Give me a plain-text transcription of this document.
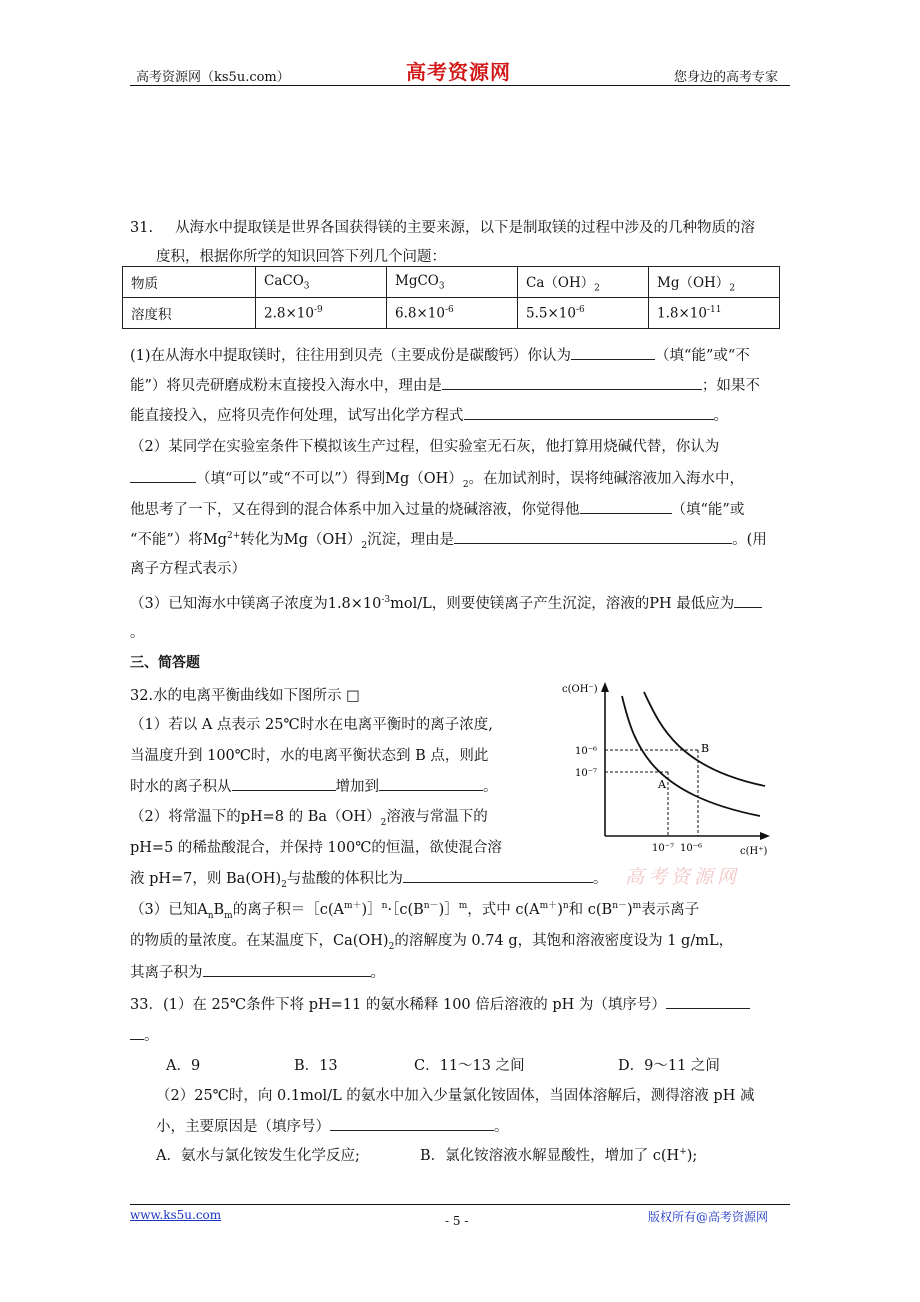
高考资源网（ks5u.com）	高考资源网	您身边的高考专家
31. 从海水中提取镁是世界各国获得镁的主要来源，以下是制取镁的过程中涉及的几种物质的溶
度积，根据你所学的知识回答下列几个问题：
物质	CaCO$_3$	MgCO$_3$	$Ca(OH)_2$	$Mg(OH)_2$
溶度积	$2.8\times 10^{-9}$	$6.8\times 10^{-6}$	$5.5\times 10^{-6}$	$1.8\times 10^{-11}$
(1)在从海水中提取镁时，往往用到贝壳（主要成份是碳酸钙）你认为	（填“能”或“不
能”）将贝壳研磨成粉末直接投入海水中，理由是	；如果不
能直接投入，应将贝壳作何处理，试写出化学方程式	。
（2）某同学在实验室条件下模拟该生产过程，但实验室无石灰，他打算用烧碱代替，你认为
（填“可以”或“不可以”）得到$Mg(OH)_2$。在加试剂时，误将纯碱溶液加入海水中，
他思考了一下，又在得到的混合体系中加入过量的烧碱溶液，你觉得他	（填“能”或
“不能”）将$Mg^{2+}$转化为$Mg(OH)_2$沉淀，理由是	。(用
离子方程式表示）
（3）已知海水中镁离子浓度为$1.8\times 10^{-3}mol/L$，则要使镁离子产生沉淀，溶液的PH 最低应为
。
三、简答题
32.水的电离平衡曲线如下图所示 □
（1）若以 A 点表示 25℃时水在电离平衡时的离子浓度,
当温度升到 100℃时，水的电离平衡状态到 B 点，则此
时水的离子积从	增加到	。
（2）将常温下的pH=8 的 $Ba(OH)_2$溶液与常温下的
pH=5 的稀盐酸混合，并保持 100℃的恒温，欲使混合溶
液 pH=7，则 $Ba(OH)_2$与盐酸的体积比为	。
（3）已知$A_nB_m$的离子积$=[c(A^{m+})]^n\cdot[c(B^{n-})]^m$，式中 $c(A^{m+})^n$和 $c(B^{n-})^m$表示离子
的物质的量浓度。在某温度下，$Ca(OH)_2$的溶解度为 0.74 g，其饱和溶液密度设为 1 g/mL，
其离子积为	。
c(OH⁻)
c(H⁺)
10⁻⁶
10⁻⁷
10⁻⁷ 10⁻⁶
A
B
高考资源网
33．(1）在 25℃条件下将 pH=11 的氨水稀释 100 倍后溶液的 pH 为（填序号）
。
A．9	B．13	C．11～13 之间	D．9～11 之间
（2）25℃时，向 0.1mol/L 的氨水中加入少量氯化铵固体，当固体溶解后，测得溶液 pH 减
小，主要原因是（填序号）	。
A．氨水与氯化铵发生化学反应;	B．氯化铵溶液水解显酸性，增加了 c(H+);
www.ks5u.com	- 5 -	版权所有@高考资源网
